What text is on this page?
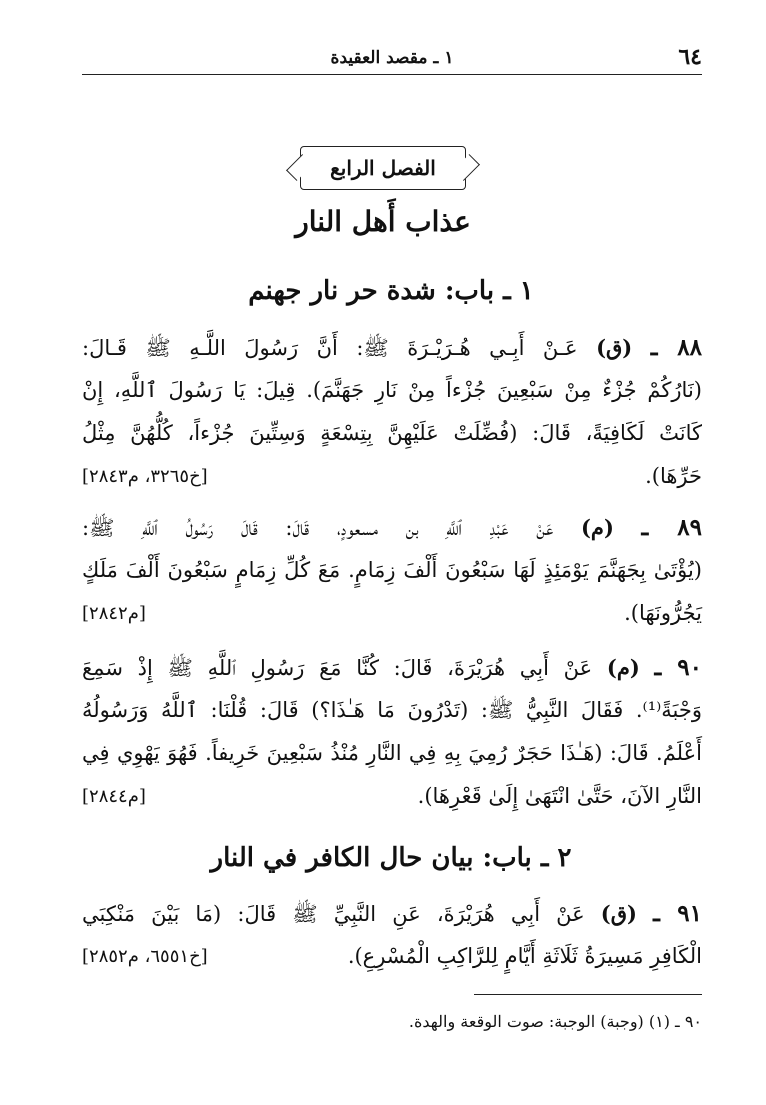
٦٤
١ ـ مقصد العقيدة
الفصل الرابع
عذاب أَهل النار
١ ـ باب: شدة حر نار جهنم
٨٨ ـ (ق) عَـنْ أَبِـي هُـرَيْـرَةَ ﷺ: أَنَّ رَسُولَ اللَّـهِ ﷺ قَـالَ:
(نَارُكُمْ جُزْءٌ مِنْ سَبْعِينَ جُزْءاً مِنْ نَارِ جَهَنَّمَ). قِيلَ: يَا رَسُولَ ٱللَّهِ، إِنْ
كَانَتْ لَكَافِيَةً، قَالَ: (فُضِّلَتْ عَلَيْهِنَّ بِتِسْعَةٍ وَسِتِّينَ جُزْءاً، كُلُّهُنَّ مِثْلُ
حَرِّهَا).
[خ٣٢٦٥، م٢٨٤٣]
٨٩ ـ (م) عَنْ عَبْدِ ٱللَّهِ بن مسعودٍ، قَالَ: قَالَ رَسُولُ ٱللَّهِ ﷺ:
(يُؤْتَىٰ بِجَهَنَّمَ يَوْمَئِذٍ لَهَا سَبْعُونَ أَلْفَ زِمَامٍ. مَعَ كُلِّ زِمَامٍ سَبْعُونَ أَلْفَ مَلَكٍ
يَجُرُّونَهَا).
[م٢٨٤٢]
٩٠ ـ (م) عَنْ أَبِي هُرَيْرَةَ، قَالَ: كُنَّا مَعَ رَسُولِ ٱللَّهِ ﷺ إِذْ سَمِعَ
وَجْبَةً⁽¹⁾. فَقَالَ النَّبِيُّ ﷺ: (تَدْرُونَ مَا هَـٰذَا؟) قَالَ: قُلْنَا: ٱللَّهُ وَرَسُولُهُ
أَعْلَمُ. قَالَ: (هَـٰذَا حَجَرٌ رُمِيَ بِهِ فِي النَّارِ مُنْذُ سَبْعِينَ خَرِيفاً. فَهُوَ يَهْوِي فِي
النَّارِ الآنَ، حَتَّىٰ انْتَهَىٰ إِلَىٰ قَعْرِهَا).
[م٢٨٤٤]
٢ ـ باب: بيان حال الكافر في النار
٩١ ـ (ق) عَنْ أَبِي هُرَيْرَةَ، عَنِ النَّبِيِّ ﷺ قَالَ: (مَا بَيْنَ مَنْكِبَي
الْكَافِرِ مَسِيرَةُ ثَلَاثَةِ أَيَّامٍ لِلرَّاكِبِ الْمُسْرِعِ).
[خ٦٥٥١، م٢٨٥٢]
٩٠ ـ (١) (وجبة) الوجبة: صوت الوقعة والهدة.
